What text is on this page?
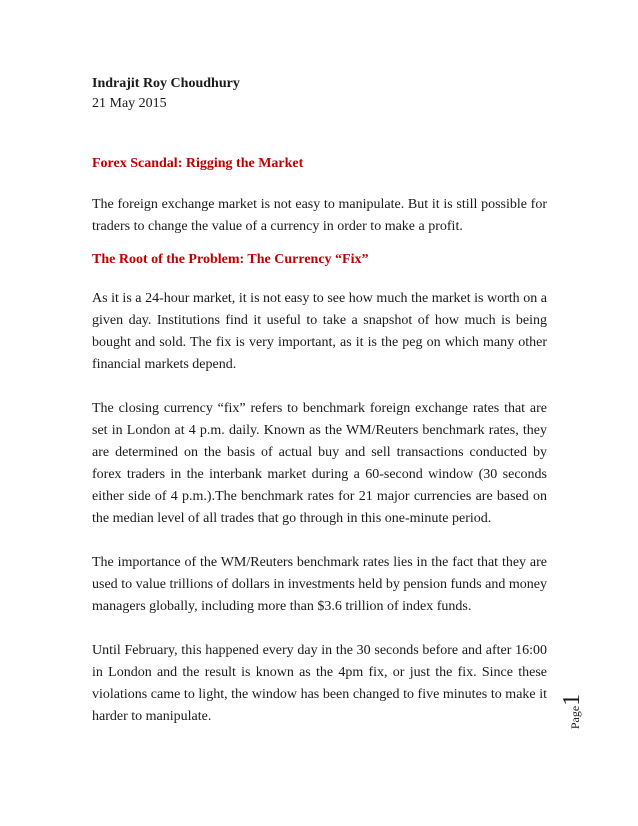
Indrajit Roy Choudhury

21 May 2015

Forex Scandal: Rigging the Market

The foreign exchange market is not easy to manipulate. But it is still possible for traders to change the value of a currency in order to make a profit.

The Root of the Problem: The Currency “Fix”

As it is a 24-hour market, it is not easy to see how much the market is worth on a given day. Institutions find it useful to take a snapshot of how much is being bought and sold. The fix is very important, as it is the peg on which many other financial markets depend.

The closing currency “fix” refers to benchmark foreign exchange rates that are set in London at 4 p.m. daily. Known as the WM/Reuters benchmark rates, they are determined on the basis of actual buy and sell transactions conducted by forex traders in the interbank market during a 60-second window (30 seconds either side of 4 p.m.).The benchmark rates for 21 major currencies are based on the median level of all trades that go through in this one-minute period.

The importance of the WM/Reuters benchmark rates lies in the fact that they are used to value trillions of dollars in investments held by pension funds and money managers globally, including more than $3.6 trillion of index funds.

Until February, this happened every day in the 30 seconds before and after 16:00 in London and the result is known as the 4pm fix, or just the fix. Since these violations came to light, the window has been changed to five minutes to make it harder to manipulate.	Page1
